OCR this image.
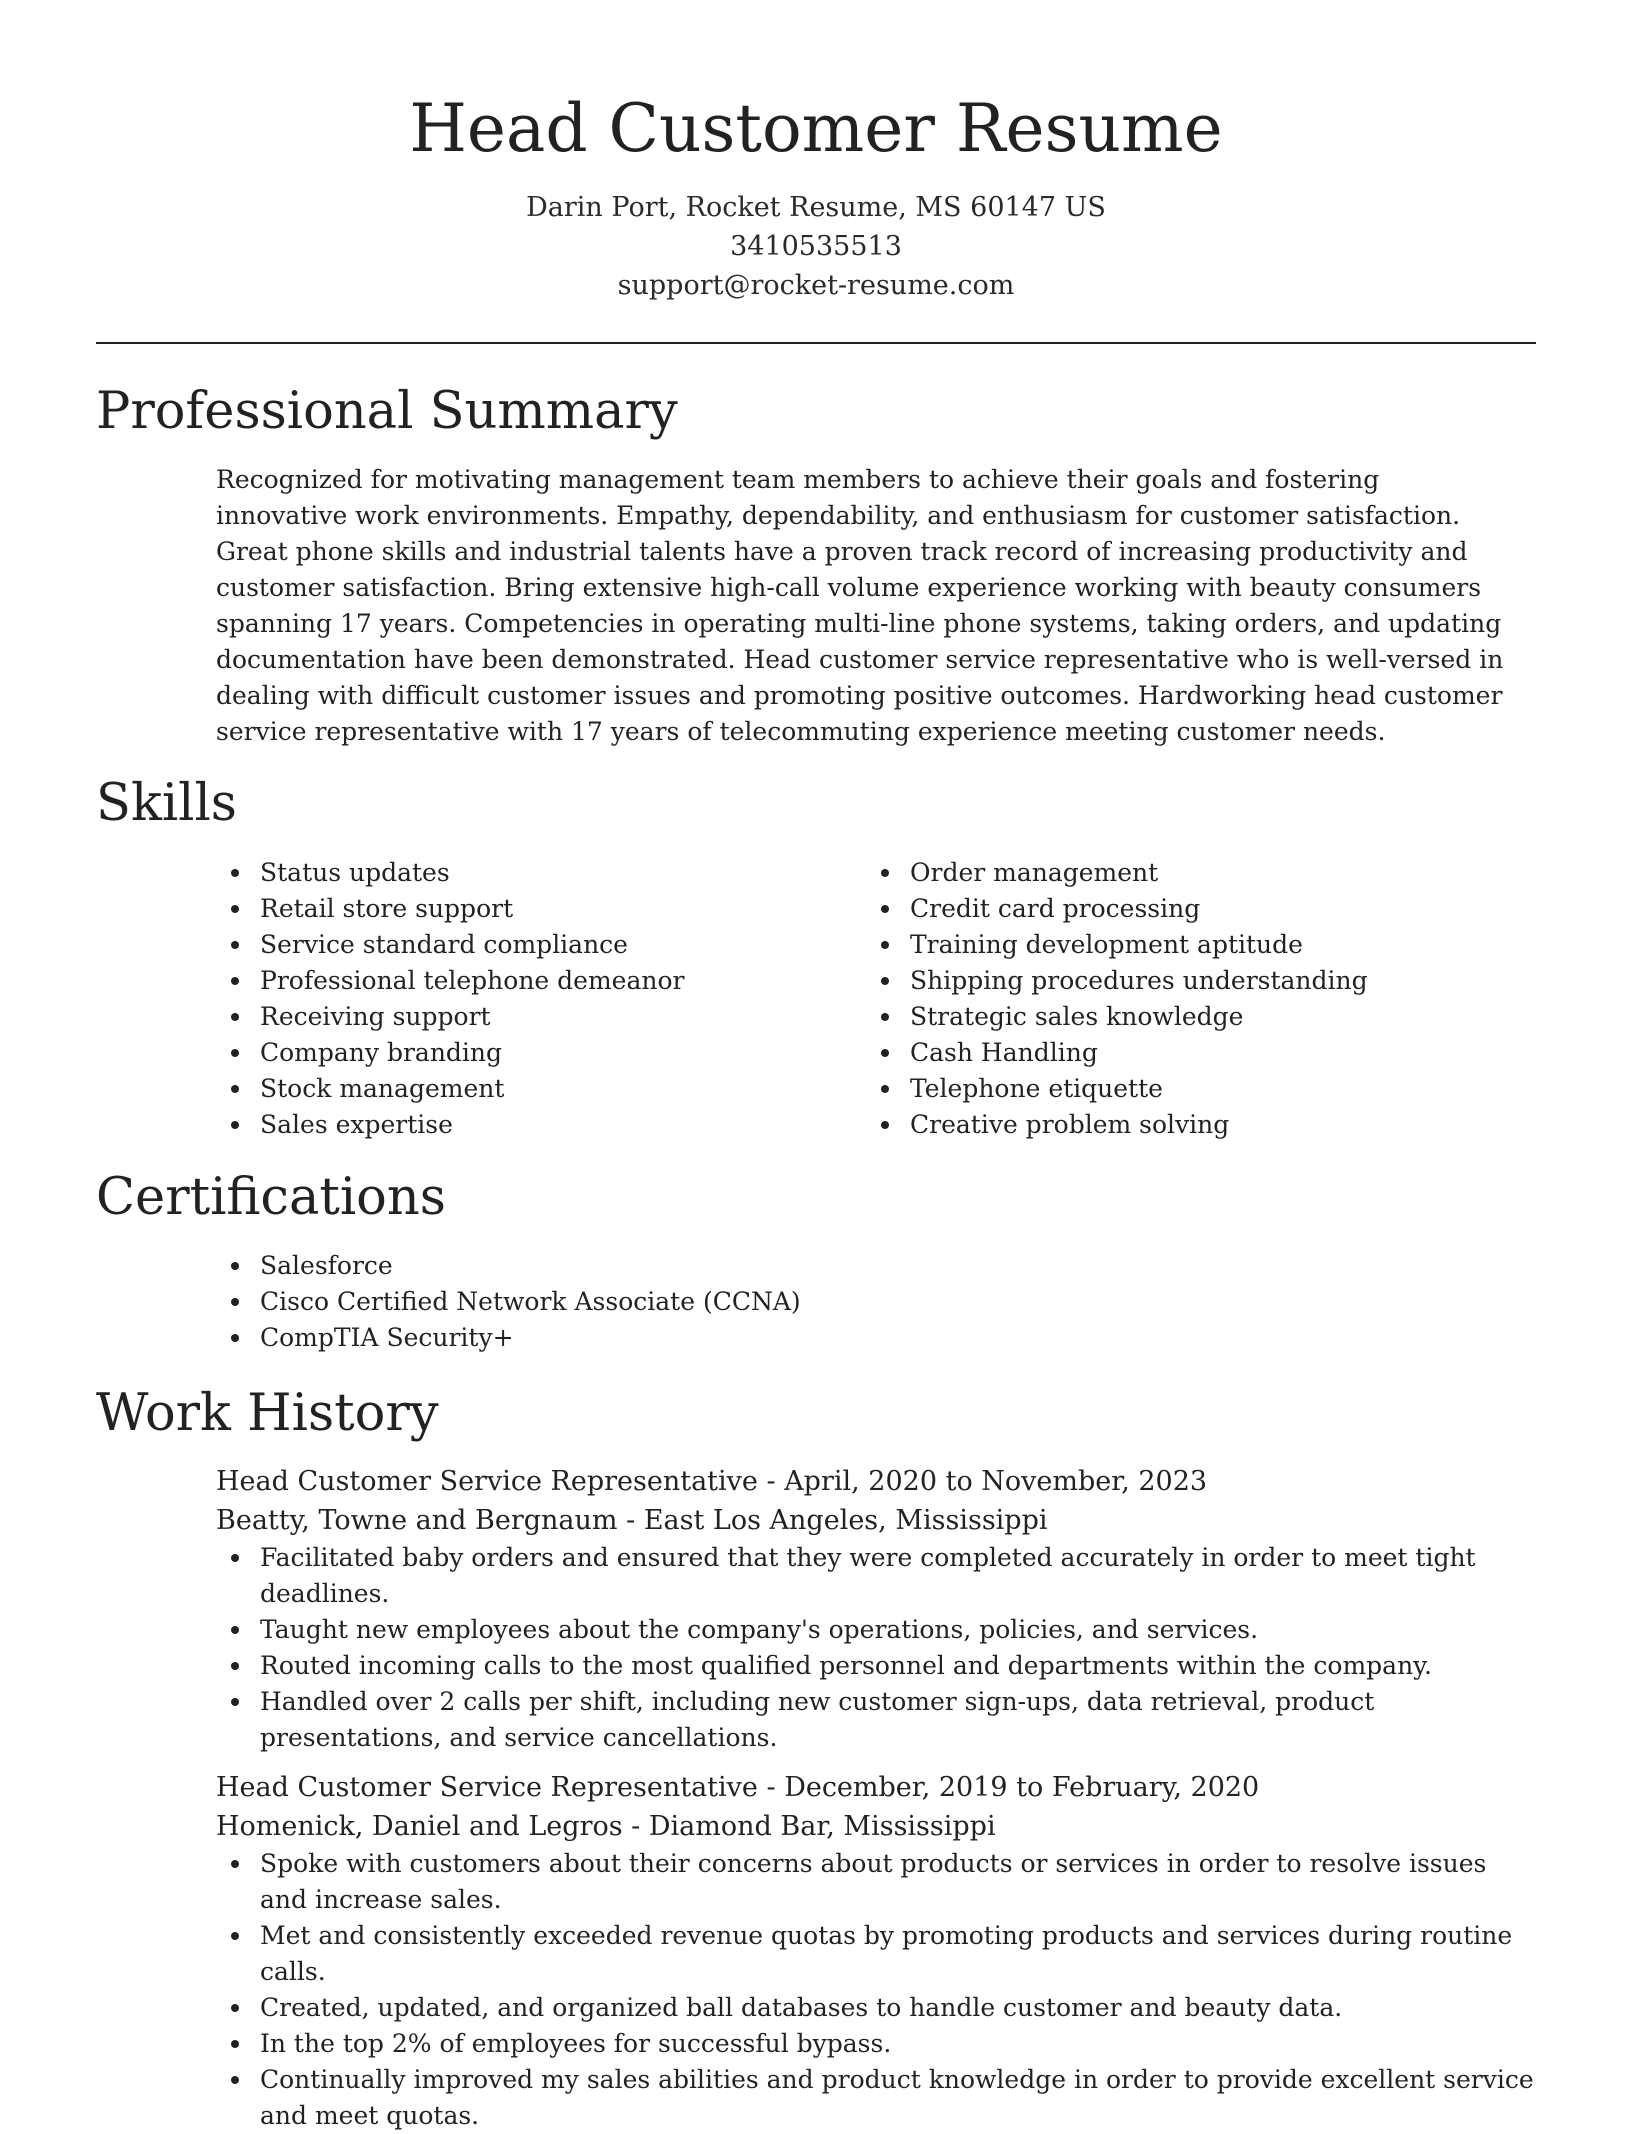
Head Customer Resume
Darin Port, Rocket Resume, MS 60147 US
3410535513
support@rocket-resume.com
Professional Summary

Recognized for motivating management team members to achieve their goals and fostering innovative work environments. Empathy, dependability, and enthusiasm for customer satisfaction. Great phone skills and industrial talents have a proven track record of increasing productivity and customer satisfaction. Bring extensive high-call volume experience working with beauty consumers spanning 17 years. Competencies in operating multi-line phone systems, taking orders, and updating documentation have been demonstrated. Head customer service representative who is well-versed in dealing with difficult customer issues and promoting positive outcomes. Hardworking head customer service representative with 17 years of telecommuting experience meeting customer needs.

Skills
Status updates
Retail store support
Service standard compliance
Professional telephone demeanor
Receiving support
Company branding
Stock management
Sales expertise
Order management
Credit card processing
Training development aptitude
Shipping procedures understanding
Strategic sales knowledge
Cash Handling
Telephone etiquette
Creative problem solving
Certifications
Salesforce
Cisco Certified Network Associate (CCNA)
CompTIA Security+
Work History

Head Customer Service Representative - April, 2020 to November, 2023

Beatty, Towne and Bergnaum - East Los Angeles, Mississippi

Facilitated baby orders and ensured that they were completed accurately in order to meet tight deadlines.
Taught new employees about the company's operations, policies, and services.
Routed incoming calls to the most qualified personnel and departments within the company.
Handled over 2 calls per shift, including new customer sign-ups, data retrieval, product presentations, and service cancellations.

Head Customer Service Representative - December, 2019 to February, 2020

Homenick, Daniel and Legros - Diamond Bar, Mississippi

Spoke with customers about their concerns about products or services in order to resolve issues and increase sales.
Met and consistently exceeded revenue quotas by promoting products and services during routine calls.
Created, updated, and organized ball databases to handle customer and beauty data.
In the top 2% of employees for successful bypass.
Continually improved my sales abilities and product knowledge in order to provide excellent service and meet quotas.
